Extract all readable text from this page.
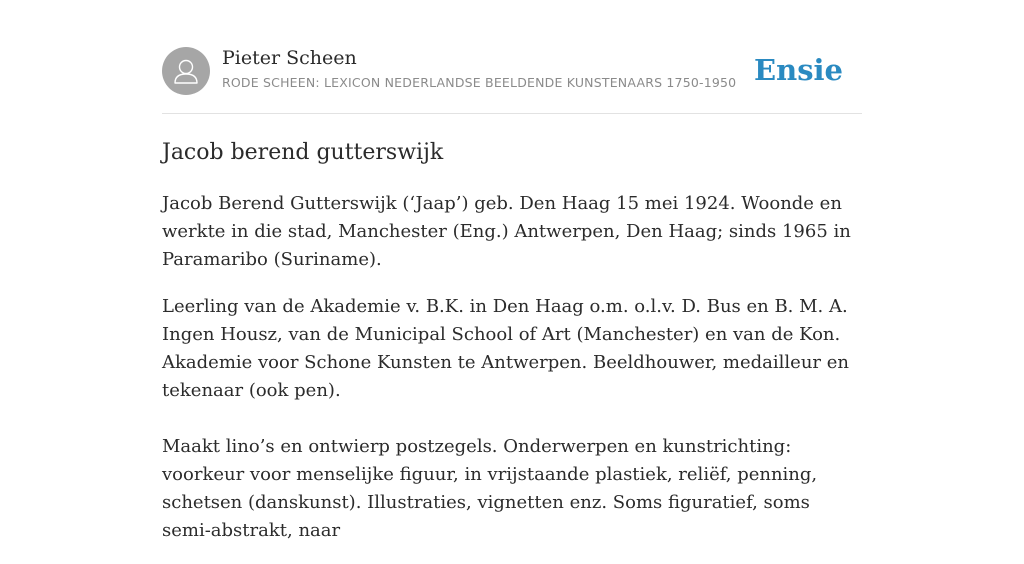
Pieter Scheen
RODE SCHEEN: LEXICON NEDERLANDSE BEELDENDE KUNSTENAARS 1750-1950 Ensie
Jacob berend gutterswijk

Jacob Berend Gutterswijk (‘Jaap’) geb. Den Haag 15 mei 1924. Woonde en werkte in die stad, Manchester (Eng.) Antwerpen, Den Haag; sinds 1965 in Paramaribo (Suriname).

Leerling van de Akademie v. B.K. in Den Haag o.m. o.l.v. D. Bus en B. M. A. Ingen Housz, van de Municipal School of Art (Manchester) en van de Kon. Akademie voor Schone Kunsten te Antwerpen. Beeldhouwer, medailleur en tekenaar (ook pen).

Maakt lino’s en ontwierp postzegels. Onderwerpen en kunstrichting: voorkeur voor menselijke figuur, in vrijstaande plastiek, reliëf, penning, schetsen (danskunst). Illustraties, vignetten enz. Soms figuratief, soms semi-abstrakt, naar
